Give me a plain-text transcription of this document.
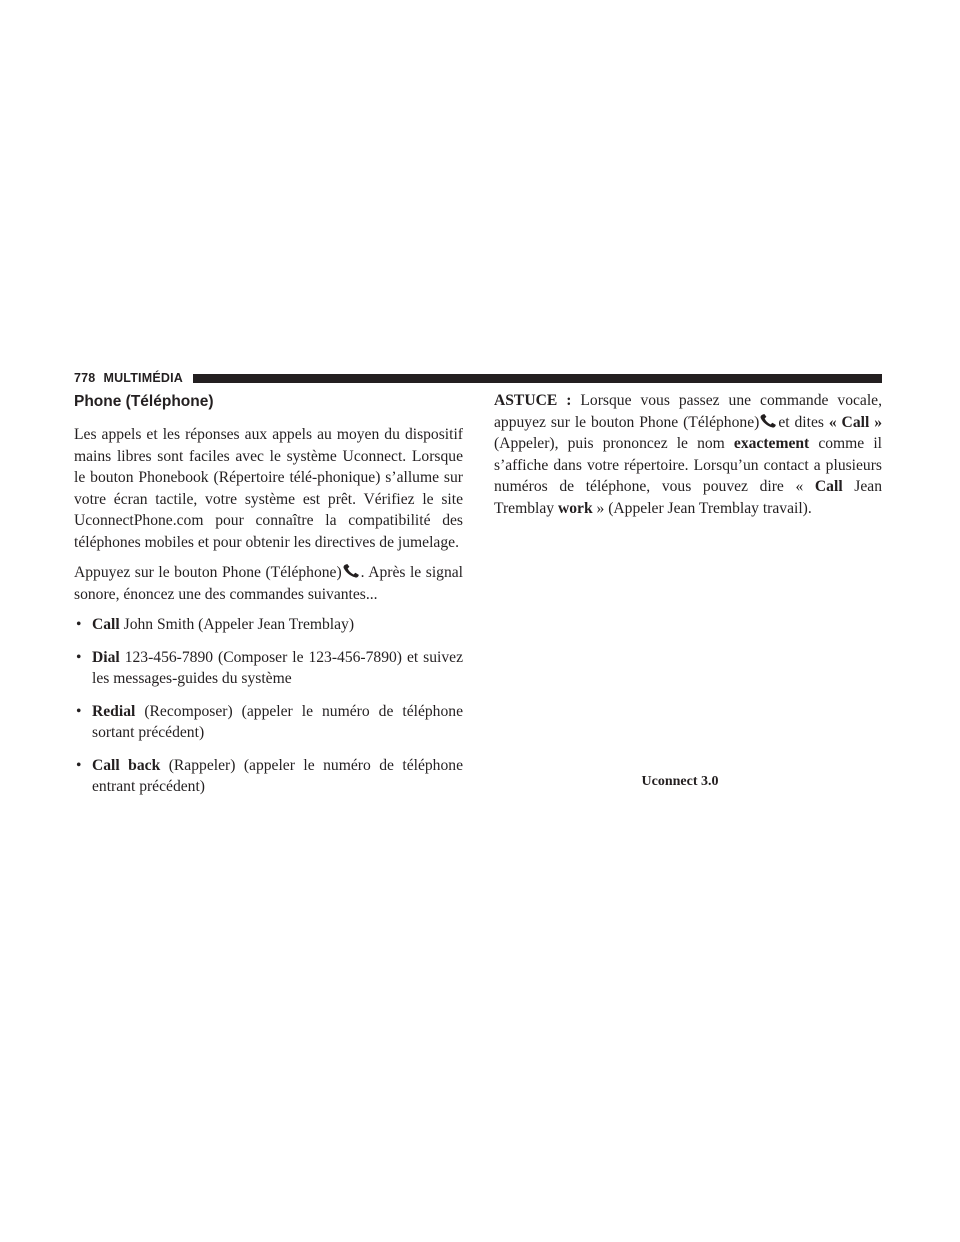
778 MULTIMÉDIA
Phone (Téléphone)

Les appels et les réponses aux appels au moyen du dispositif mains libres sont faciles avec le système Uconnect. Lorsque le bouton Phonebook (Répertoire télé-phonique) s’allume sur votre écran tactile, votre système est prêt. Vérifiez le site UconnectPhone.com pour connaître la compatibilité des téléphones mobiles et pour obtenir les directives de jumelage.

Appuyez sur le bouton Phone (Téléphone) . Après le signal sonore, énoncez une des commandes suivantes...

• Call John Smith (Appeler Jean Tremblay)
• Dial 123-456-7890 (Composer le 123-456-7890) et suivez les messages-guides du système
• Redial (Recomposer) (appeler le numéro de téléphone sortant précédent)
• Call back (Rappeler) (appeler le numéro de téléphone entrant précédent)

ASTUCE : Lorsque vous passez une commande vocale, appuyez sur le bouton Phone (Téléphone) et dites « Call » (Appeler), puis prononcez le nom exactement comme il s’affiche dans votre répertoire. Lorsqu’un contact a plusieurs numéros de téléphone, vous pouvez dire « Call Jean Tremblay work » (Appeler Jean Tremblay travail).

Uconnect 3.0
